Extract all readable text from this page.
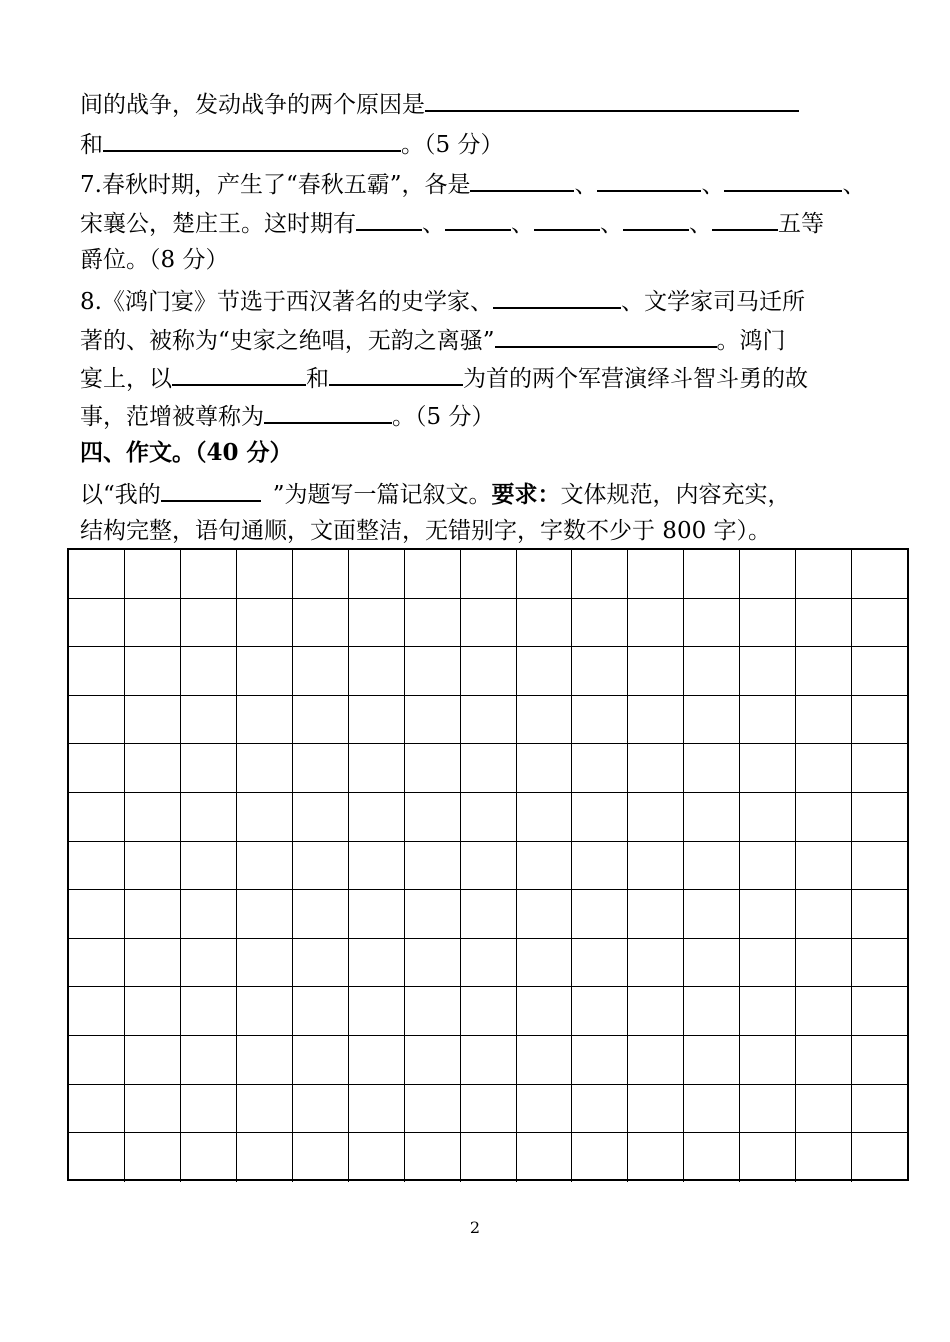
间的战争，发动战争的两个原因是
和	。（5 分）
7.春秋时期，产生了“春秋五霸”，各是	、	、	、
宋襄公，楚庄王。这时期有	、	、	、	、	五等
爵位。（8 分）
8.《鸿门宴》节选于西汉著名的史学家、	、文学家司马迁所
著的、被称为“史家之绝唱，无韵之离骚”	。鸿门
宴上，以	和	为首的两个军营演绎斗智斗勇的故
事，范增被尊称为	。（5 分）
四、作文。（40 分）
以“我的	”为题写一篇记叙文。要求：文体规范，内容充实，
结构完整，语句通顺，文面整洁，无错别字，字数不少于 800 字）。
2
